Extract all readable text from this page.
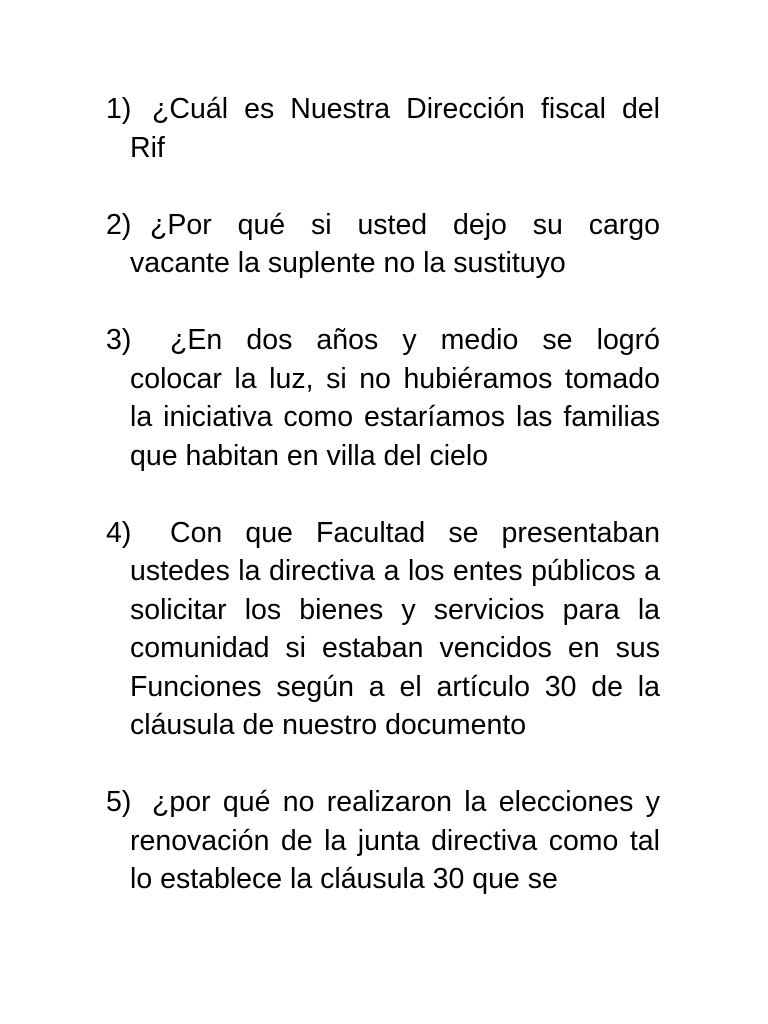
1) ¿Cuál es Nuestra Dirección fiscal del Rif
2) ¿Por qué si usted dejo su cargo vacante la suplente no la sustituyo
3)	¿En dos años y medio se logró colocar la luz, si no hubiéramos tomado la iniciativa como estaríamos las familias que habitan en villa del cielo
4)	Con que Facultad se presentaban ustedes la directiva a los entes públicos a solicitar los bienes y servicios para la comunidad si estaban vencidos en sus Funciones según a el artículo 30 de la cláusula de nuestro documento
5) ¿por qué no realizaron la elecciones y renovación de la junta directiva como tal lo establece la cláusula 30 que se
